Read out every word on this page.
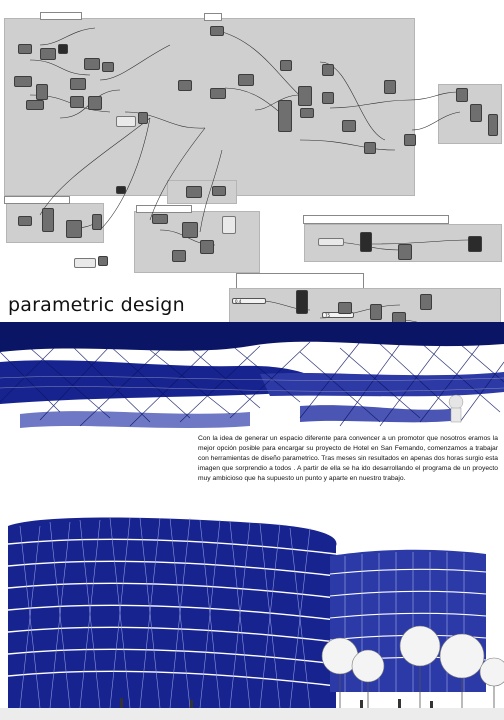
0.4
75
parametric design
Con la idea de generar un espacio diferente para convencer a un promotor que nosotros eramos la mejor opción posible para encargar su proyecto de Hotel en San Fernando, comenzamos a trabajar con herramientas de diseño parametrico. Tras meses sin resultados en apenas dos horas surgio esta imagen que sorprendio a todos . A partir de ella se ha ido desarrollando el programa de un proyecto muy ambicioso que ha supuesto un punto y aparte en nuestro trabajo.
